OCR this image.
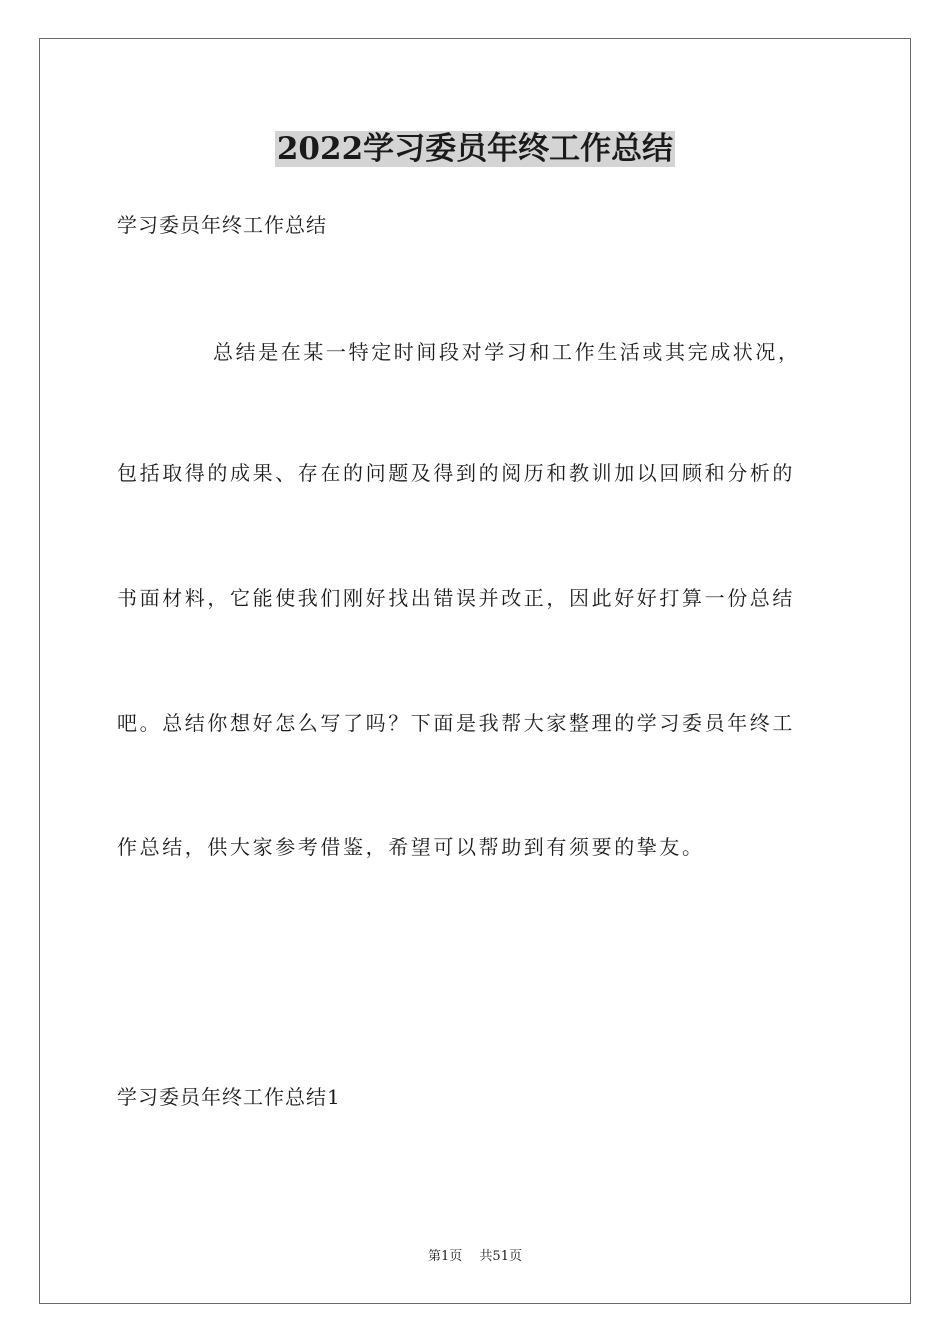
2022学习委员年终工作总结
学习委员年终工作总结
总结是在某一特定时间段对学习和工作生活或其完成状况，
包括取得的成果、存在的问题及得到的阅历和教训加以回顾和分析的
书面材料，它能使我们刚好找出错误并改正，因此好好打算一份总结
吧。总结你想好怎么写了吗？下面是我帮大家整理的学习委员年终工
作总结，供大家参考借鉴，希望可以帮助到有须要的挚友。
学习委员年终工作总结1
第1页　 共51页
